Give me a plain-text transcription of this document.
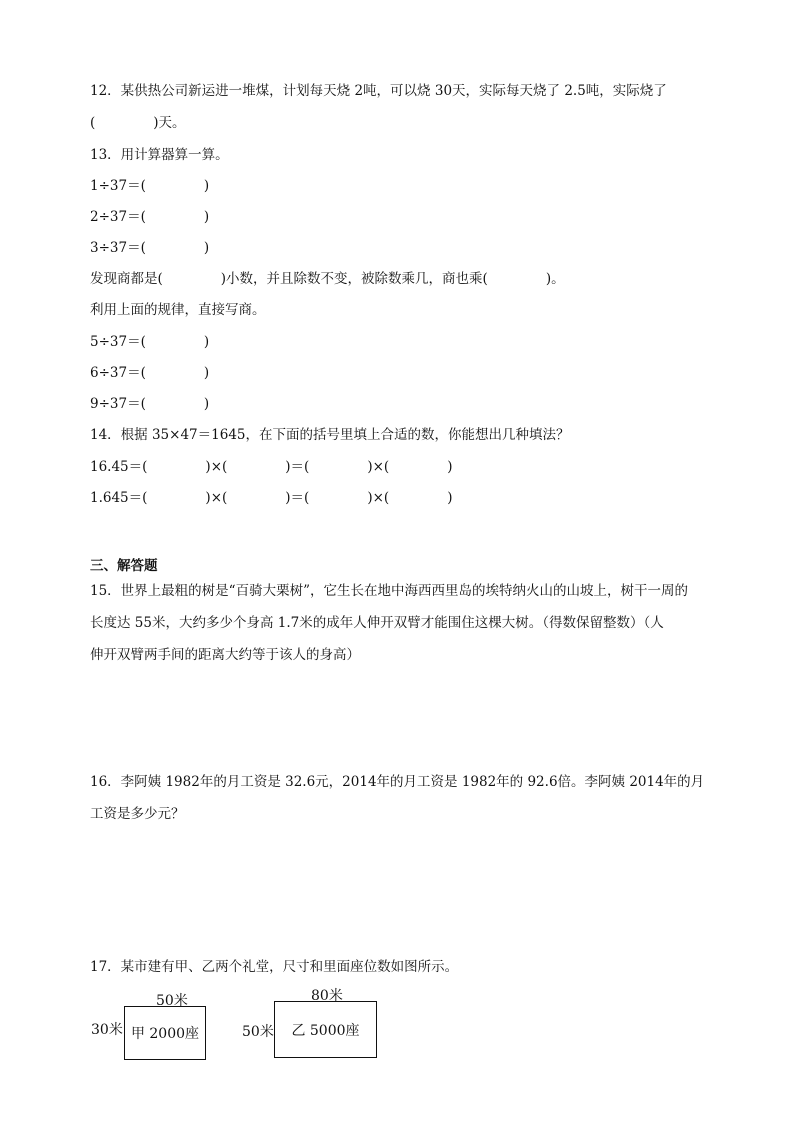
12．某供热公司新运进一堆煤，计划每天烧 2吨，可以烧 30天，实际每天烧了 2.5吨，实际烧了
(	)天。
13．用计算器算一算。
1÷37＝(	)
2÷37＝(	)
3÷37＝(	)
发现商都是(	)小数，并且除数不变，被除数乘几，商也乘(	)。
利用上面的规律，直接写商。
5÷37＝(	)
6÷37＝(	)
9÷37＝(	)
14．根据 35×47＝1645，在下面的括号里填上合适的数，你能想出几种填法？
16.45＝(	)×(	)＝(	)×(	)
1.645＝(	)×(	)＝(	)×(	)
三、解答题
15．世界上最粗的树是“百骑大栗树”，它生长在地中海西西里岛的埃特纳火山的山坡上，树干一周的
长度达 55米，大约多少个身高 1.7米的成年人伸开双臂才能围住这棵大树。（得数保留整数）（人
伸开双臂两手间的距离大约等于该人的身高）
16．李阿姨 1982年的月工资是 32.6元，2014年的月工资是 1982年的 92.6倍。李阿姨 2014年的月
工资是多少元？
17．某市建有甲、乙两个礼堂，尺寸和里面座位数如图所示。
50米
30米 甲 2000座
80米
50米 乙 5000座
